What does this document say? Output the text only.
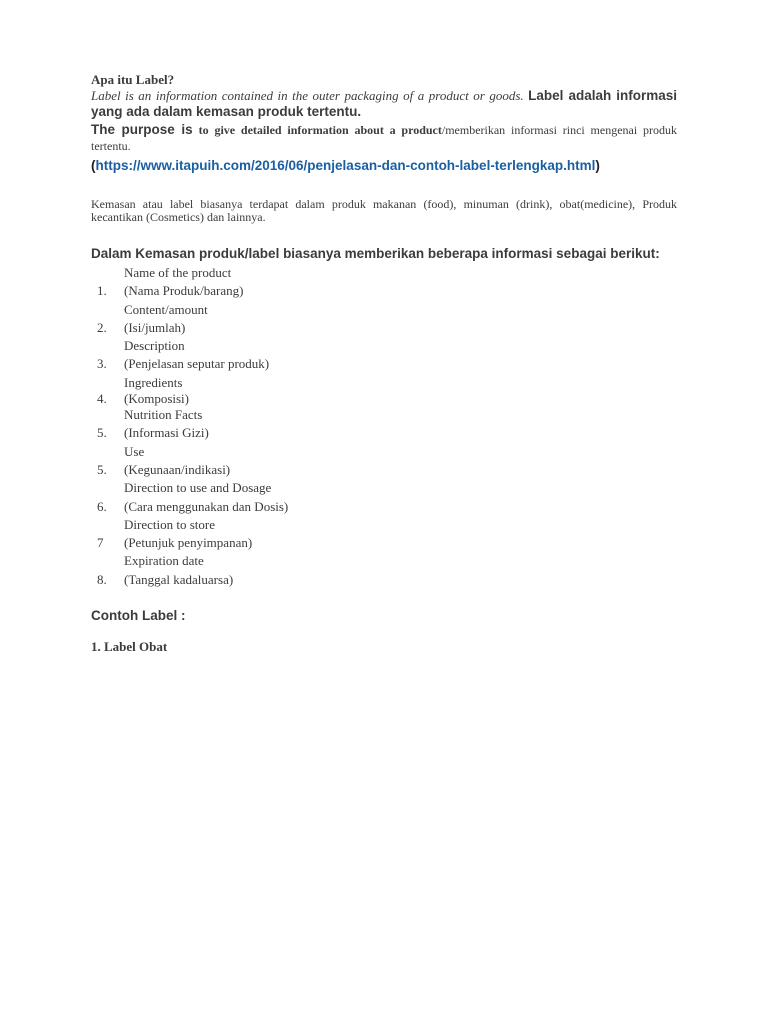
Apa itu Label?

Label is an information contained in the outer packaging of a product or goods. Label adalah informasi yang ada dalam kemasan produk tertentu.

The purpose is to give detailed information about a product/memberikan informasi rinci mengenai produk tertentu.

(https://www.itapuih.com/2016/06/penjelasan-dan-contoh-label-terlengkap.html)

Kemasan atau label biasanya terdapat dalam produk makanan (food), minuman (drink), obat(medicine), Produk kecantikan (Cosmetics) dan lainnya.

Dalam Kemasan produk/label biasanya memberikan beberapa informasi sebagai berikut:

Name of the product
1. (Nama Produk/barang)
Content/amount
2. (Isi/jumlah)
Description
3. (Penjelasan seputar produk)
Ingredients
4. (Komposisi)
Nutrition Facts
5. (Informasi Gizi)
Use
5. (Kegunaan/indikasi)
Direction to use and Dosage
6. (Cara menggunakan dan Dosis)
Direction to store
7 (Petunjuk penyimpanan)
Expiration date
8. (Tanggal kadaluarsa)

Contoh Label :

1. Label Obat
